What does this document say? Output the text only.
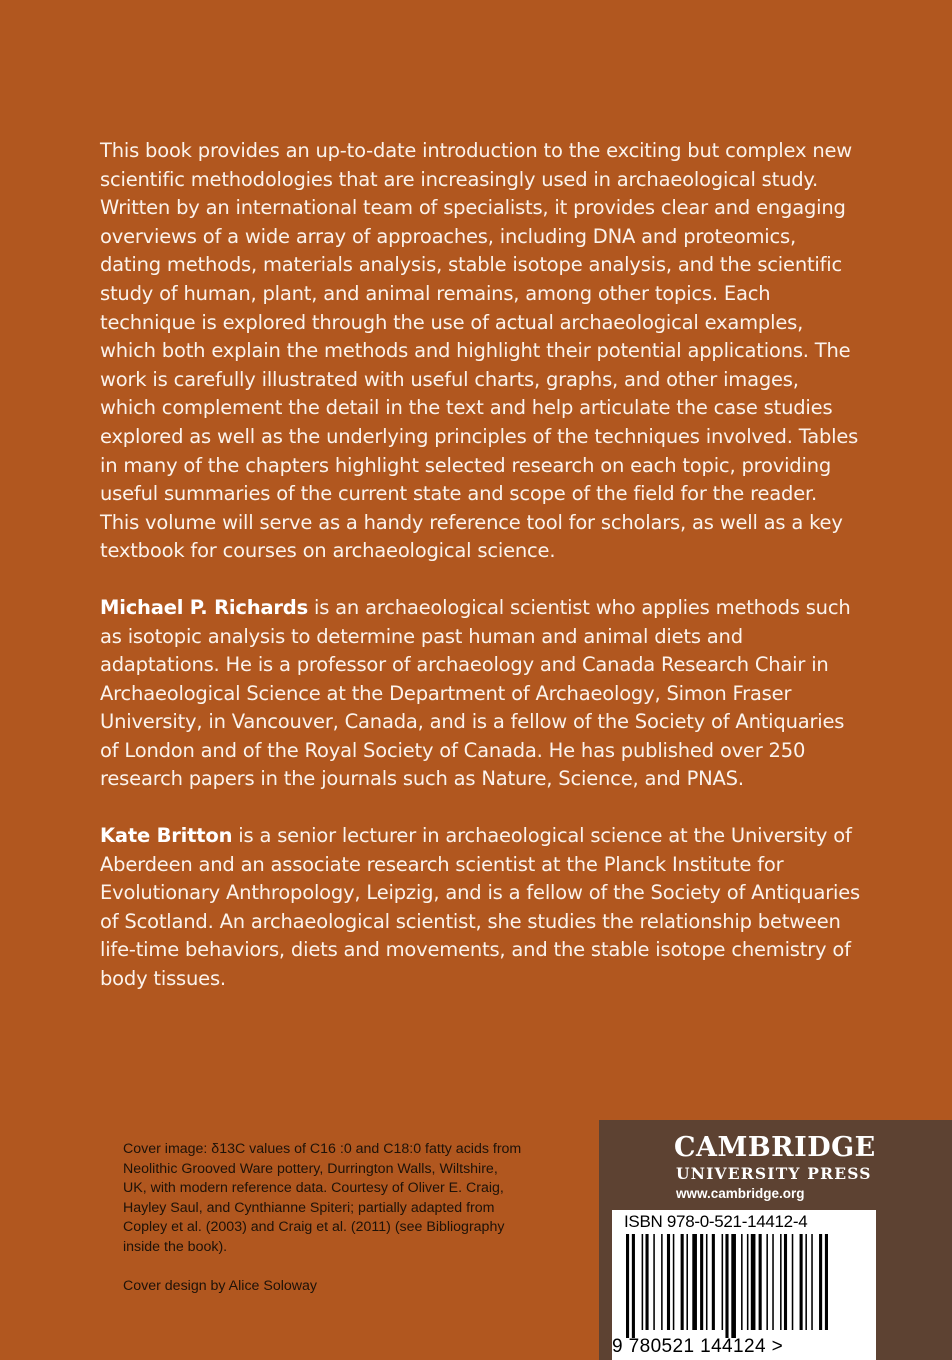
This book provides an up-to-date introduction to the exciting but complex new scientific methodologies that are increasingly used in archaeological study. Written by an international team of specialists, it provides clear and engaging overviews of a wide array of approaches, including DNA and proteomics, dating methods, materials analysis, stable isotope analysis, and the scientific study of human, plant, and animal remains, among other topics. Each technique is explored through the use of actual archaeological examples, which both explain the methods and highlight their potential applications. The work is carefully illustrated with useful charts, graphs, and other images, which complement the detail in the text and help articulate the case studies explored as well as the underlying principles of the techniques involved. Tables in many of the chapters highlight selected research on each topic, providing useful summaries of the current state and scope of the field for the reader. This volume will serve as a handy reference tool for scholars, as well as a key textbook for courses on archaeological science.

Michael P. Richards is an archaeological scientist who applies methods such as isotopic analysis to determine past human and animal diets and adaptations. He is a professor of archaeology and Canada Research Chair in Archaeological Science at the Department of Archaeology, Simon Fraser University, in Vancouver, Canada, and is a fellow of the Society of Antiquaries of London and of the Royal Society of Canada. He has published over 250 research papers in the journals such as Nature, Science, and PNAS.

Kate Britton is a senior lecturer in archaeological science at the University of Aberdeen and an associate research scientist at the Planck Institute for Evolutionary Anthropology, Leipzig, and is a fellow of the Society of Antiquaries of Scotland. An archaeological scientist, she studies the relationship between life-time behaviors, diets and movements, and the stable isotope chemistry of body tissues.

Cover image: δ13C values of C16 :0 and C18:0 fatty acids from Neolithic Grooved Ware pottery, Durrington Walls, Wiltshire, UK, with modern reference data. Courtesy of Oliver E. Craig, Hayley Saul, and Cynthianne Spiteri; partially adapted from Copley et al. (2003) and Craig et al. (2011) (see Bibliography inside the book).

Cover design by Alice Soloway

CAMBRIDGE
UNIVERSITY PRESS
www.cambridge.org
ISBN 978-0-521-14412-4
9 780521 144124 >
